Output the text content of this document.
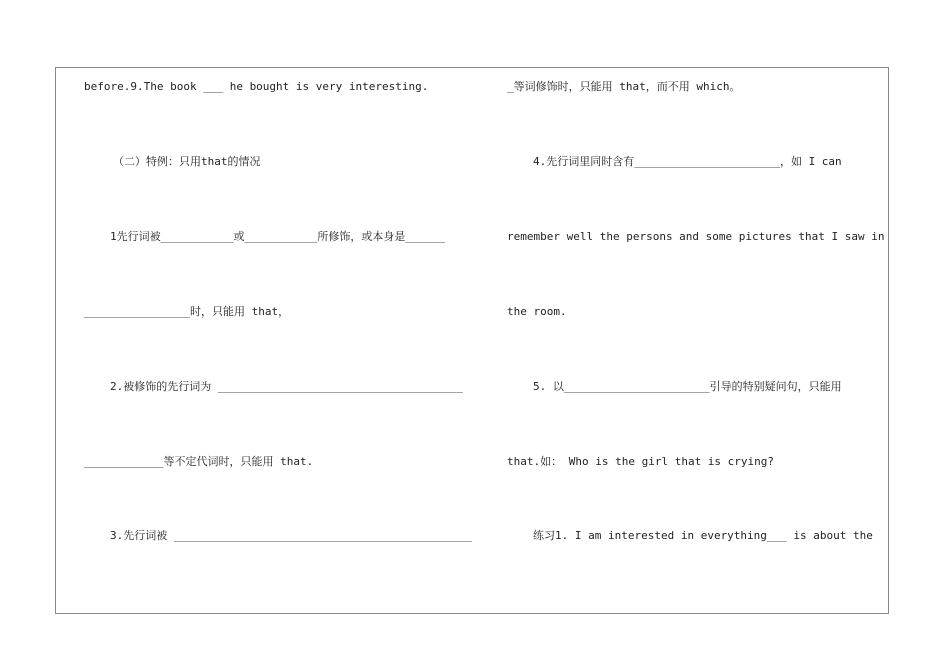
before.9.The book ___ he bought is very interesting.
（二）特例：只用that的情况
1先行词被___________或___________所修饰，或本身是______
________________时，只能用 that，
2.被修饰的先行词为 _____________________________________
____________等不定代词时，只能用 that.
3.先行词被 _____________________________________________
_等词修饰时，只能用 that，而不用 which。
4.先行词里同时含有______________________，如 I can
remember well the persons and some pictures that I saw in
the room.
5. 以______________________引导的特别疑问句，只能用
that.如： Who is the girl that is crying?
练习1. I am interested in everything___ is about the
